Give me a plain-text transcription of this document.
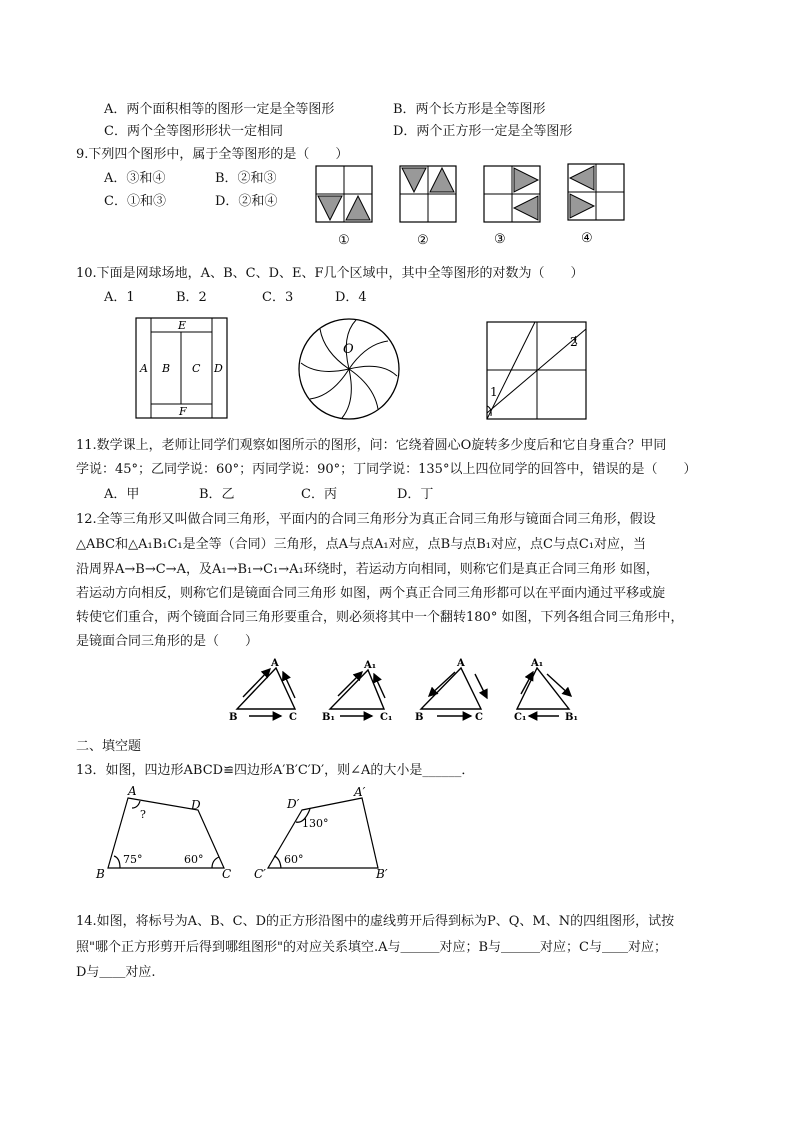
A．两个面积相等的图形一定是全等图形	B．两个长方形是全等图形
C．两个全等图形形状一定相同	D．两个正方形一定是全等图形
9.下列四个图形中，属于全等图形的是（　　）
A．③和④	B．②和③
C．①和③	D．②和④
①	②	③	④
10.下面是网球场地，A、B、C、D、E、F几个区域中，其中全等图形的对数为（　　）
A．1	B．2	C．3	D．4
E
A B C D
F
O
1
2
11.数学课上，老师让同学们观察如图所示的图形，问：它绕着圆心O旋转多少度后和它自身重合？甲同
学说：45°；乙同学说：60°；丙同学说：90°；丁同学说：135°以上四位同学的回答中，错误的是（　　）
A．甲	B．乙	C．丙	D．丁
12.全等三角形又叫做合同三角形，平面内的合同三角形分为真正合同三角形与镜面合同三角形，假设
△ABC和△A₁B₁C₁是全等（合同）三角形，点A与点A₁对应，点B与点B₁对应，点C与点C₁对应，当
沿周界A→B→C→A，及A₁→B₁→C₁→A₁环绕时，若运动方向相同，则称它们是真正合同三角形 如图，
若运动方向相反，则称它们是镜面合同三角形 如图，两个真正合同三角形都可以在平面内通过平移或旋
转使它们重合，两个镜面合同三角形要重合，则必须将其中一个翻转180° 如图，下列各组合同三角形中，
是镜面合同三角形的是（　　）
A
B	C
A₁
B₁	C₁
A
B	C
A₁
C₁	B₁
二、填空题
13．如图，四边形ABCD≌四边形A′B′C′D′，则∠A的大小是______．
A
D
B	C
?
75°	60°
D′
A′
C′	B′
130°
60°
14.如图，将标号为A、B、C、D的正方形沿图中的虚线剪开后得到标为P、Q、M、N的四组图形，试按
照"哪个正方形剪开后得到哪组图形"的对应关系填空.A与＿＿＿对应；B与＿＿＿对应；C与＿＿对应；
D与＿＿对应.
